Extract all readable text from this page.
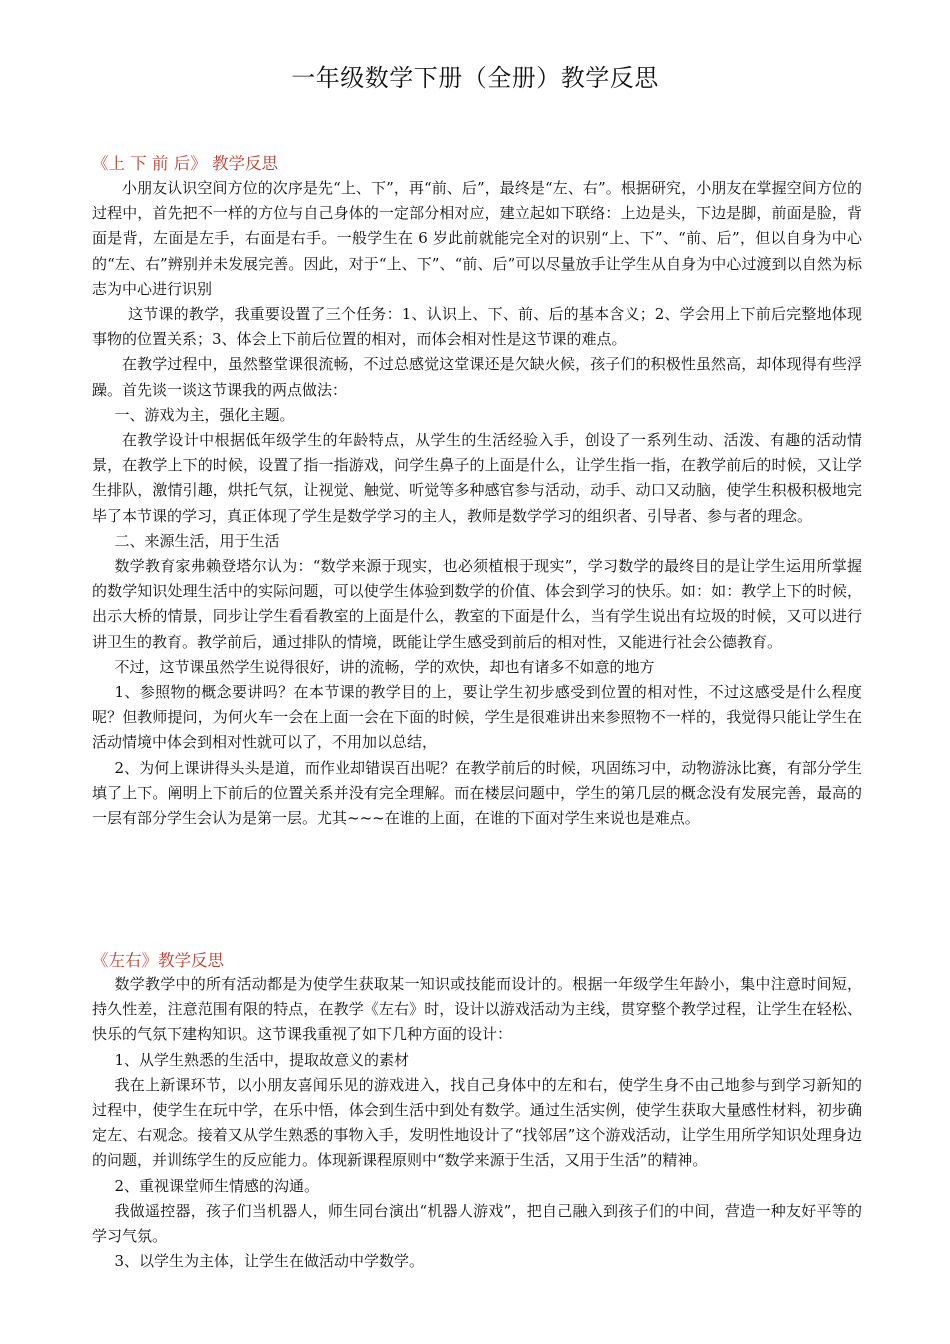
一年级数学下册（全册）教学反思
《上 下 前 后》 教学反思

小朋友认识空间方位的次序是先“上、下”，再“前、后”，最终是“左、右”。根据研究，小朋友在掌握空间方位的过程中，首先把不一样的方位与自己身体的一定部分相对应，建立起如下联络：上边是头，下边是脚，前面是脸，背面是背，左面是左手，右面是右手。一般学生在 6 岁此前就能完全对的识别“上、下”、“前、后”，但以自身为中心的“左、右”辨别并未发展完善。因此，对于“上、下”、“前、后”可以尽量放手让学生从自身为中心过渡到以自然为标志为中心进行识别

这节课的教学，我重要设置了三个任务：1、认识上、下、前、后的基本含义；2、学会用上下前后完整地体现事物的位置关系；3、体会上下前后位置的相对，而体会相对性是这节课的难点。

在教学过程中，虽然整堂课很流畅，不过总感觉这堂课还是欠缺火候，孩子们的积极性虽然高，却体现得有些浮躁。首先谈一谈这节课我的两点做法：

一、游戏为主，强化主题。

在教学设计中根据低年级学生的年龄特点，从学生的生活经验入手，创设了一系列生动、活泼、有趣的活动情景，在教学上下的时候，设置了指一指游戏，问学生鼻子的上面是什么，让学生指一指，在教学前后的时候，又让学生排队，激情引趣，烘托气氛，让视觉、触觉、听觉等多种感官参与活动，动手、动口又动脑，使学生积极积极地完毕了本节课的学习，真正体现了学生是数学学习的主人，教师是数学学习的组织者、引导者、参与者的理念。

二、来源生活，用于生活

数学教育家弗赖登塔尔认为：“数学来源于现实，也必须植根于现实”，学习数学的最终目的是让学生运用所掌握的数学知识处理生活中的实际问题，可以使学生体验到数学的价值、体会到学习的快乐。如：如：教学上下的时候，出示大桥的情景，同步让学生看看教室的上面是什么，教室的下面是什么，当有学生说出有垃圾的时候，又可以进行讲卫生的教育。教学前后，通过排队的情境，既能让学生感受到前后的相对性，又能进行社会公德教育。

不过，这节课虽然学生说得很好，讲的流畅，学的欢快，却也有诸多不如意的地方

1、参照物的概念要讲吗？在本节课的教学目的上，要让学生初步感受到位置的相对性，不过这感受是什么程度呢？但教师提问，为何火车一会在上面一会在下面的时候，学生是很难讲出来参照物不一样的，我觉得只能让学生在活动情境中体会到相对性就可以了，不用加以总结，

2、为何上课讲得头头是道，而作业却错误百出呢？在教学前后的时候，巩固练习中，动物游泳比赛，有部分学生填了上下。阐明上下前后的位置关系并没有完全理解。而在楼层问题中，学生的第几层的概念没有发展完善，最高的一层有部分学生会认为是第一层。尤其~~~在谁的上面，在谁的下面对学生来说也是难点。

《左右》教学反思

数学教学中的所有活动都是为使学生获取某一知识或技能而设计的。根据一年级学生年龄小，集中注意时间短，持久性差，注意范围有限的特点，在教学《左右》时，设计以游戏活动为主线，贯穿整个教学过程，让学生在轻松、快乐的气氛下建构知识。这节课我重视了如下几种方面的设计：

1、从学生熟悉的生活中，提取故意义的素材

我在上新课环节，以小朋友喜闻乐见的游戏进入，找自己身体中的左和右，使学生身不由己地参与到学习新知的过程中，使学生在玩中学，在乐中悟，体会到生活中到处有数学。通过生活实例，使学生获取大量感性材料，初步确定左、右观念。接着又从学生熟悉的事物入手，发明性地设计了“找邻居”这个游戏活动，让学生用所学知识处理身边的问题，并训练学生的反应能力。体现新课程原则中“数学来源于生活，又用于生活”的精神。

2、重视课堂师生情感的沟通。

我做遥控器，孩子们当机器人，师生同台演出“机器人游戏”，把自己融入到孩子们的中间，营造一种友好平等的学习气氛。

3、以学生为主体，让学生在做活动中学数学。
